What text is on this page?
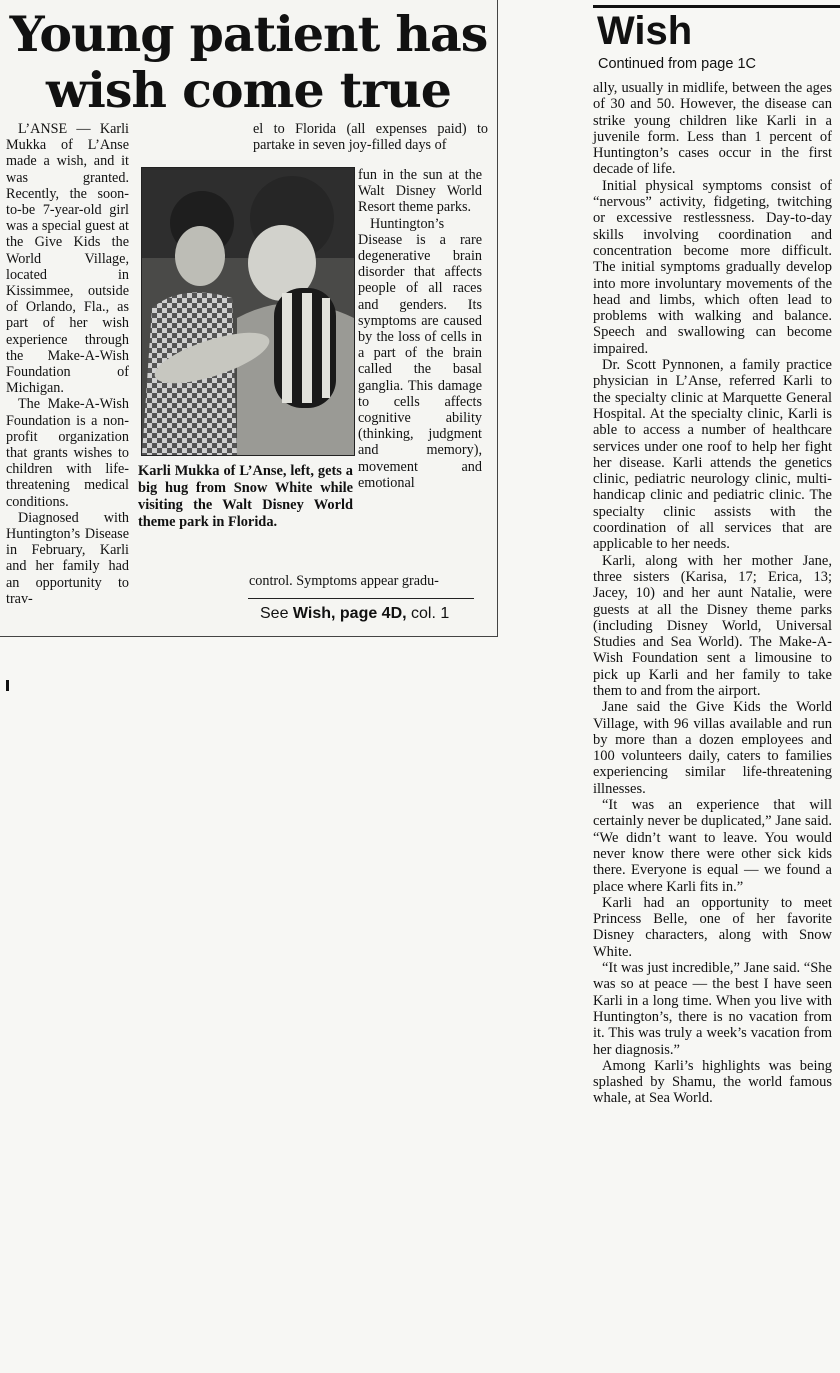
Young patient has
wish come true

L’ANSE — Karli Mukka of L’Anse made a wish, and it was granted. Recently, the soon-to-be 7-year-old girl was a special guest at the Give Kids the World Village, located in Kissimmee, outside of Orlando, Fla., as part of her wish experience through the Make-A-Wish Foundation of Michigan.

The Make-A-Wish Foundation is a non-profit organization that grants wishes to children with life-threatening medical conditions.

Diagnosed with Huntington’s Disease in February, Karli and her family had an opportunity to trav-

el to Florida (all expenses paid) to partake in seven joy-filled days of

fun in the sun at the Walt Disney World Resort theme parks.

Huntington’s Disease is a rare degenerative brain disorder that affects people of all races and genders. Its symptoms are caused by the loss of cells in a part of the brain called the basal ganglia. This damage to cells affects cognitive ability (thinking, judgment and memory), movement and emotional

Karli Mukka of L’Anse, left, gets a big hug from Snow White while visiting the Walt Disney World theme park in Florida.

control. Symptoms appear gradu-

See Wish, page 4D, col. 1

Wish

Continued from page 1C

ally, usually in midlife, between the ages of 30 and 50. However, the disease can strike young children like Karli in a juvenile form. Less than 1 percent of Huntington’s cases occur in the first decade of life.

Initial physical symptoms consist of “nervous” activity, fidgeting, twitching or excessive restlessness. Day-to-day skills involving coordination and concentration become more difficult. The initial symptoms gradually develop into more involuntary movements of the head and limbs, which often lead to problems with walking and balance. Speech and swallowing can become impaired.

Dr. Scott Pynnonen, a family practice physician in L’Anse, referred Karli to the specialty clinic at Marquette General Hospital. At the specialty clinic, Karli is able to access a number of healthcare services under one roof to help her fight her disease. Karli attends the genetics clinic, pediatric neurology clinic, multi-handicap clinic and pediatric clinic. The specialty clinic assists with the coordination of all services that are applicable to her needs.

Karli, along with her mother Jane, three sisters (Karisa, 17; Erica, 13; Jacey, 10) and her aunt Natalie, were guests at all the Disney theme parks (including Disney World, Universal Studies and Sea World). The Make-A-Wish Foundation sent a limousine to pick up Karli and her family to take them to and from the airport.

Jane said the Give Kids the World Village, with 96 villas available and run by more than a dozen employees and 100 volunteers daily, caters to families experiencing similar life-threatening illnesses.

“It was an experience that will certainly never be duplicated,” Jane said. “We didn’t want to leave. You would never know there were other sick kids there. Everyone is equal — we found a place where Karli fits in.”

Karli had an opportunity to meet Princess Belle, one of her favorite Disney characters, along with Snow White.

“It was just incredible,” Jane said. “She was so at peace — the best I have seen Karli in a long time. When you live with Huntington’s, there is no vacation from it. This was truly a week’s vacation from her diagnosis.”

Among Karli’s highlights was being splashed by Shamu, the world famous whale, at Sea World.
